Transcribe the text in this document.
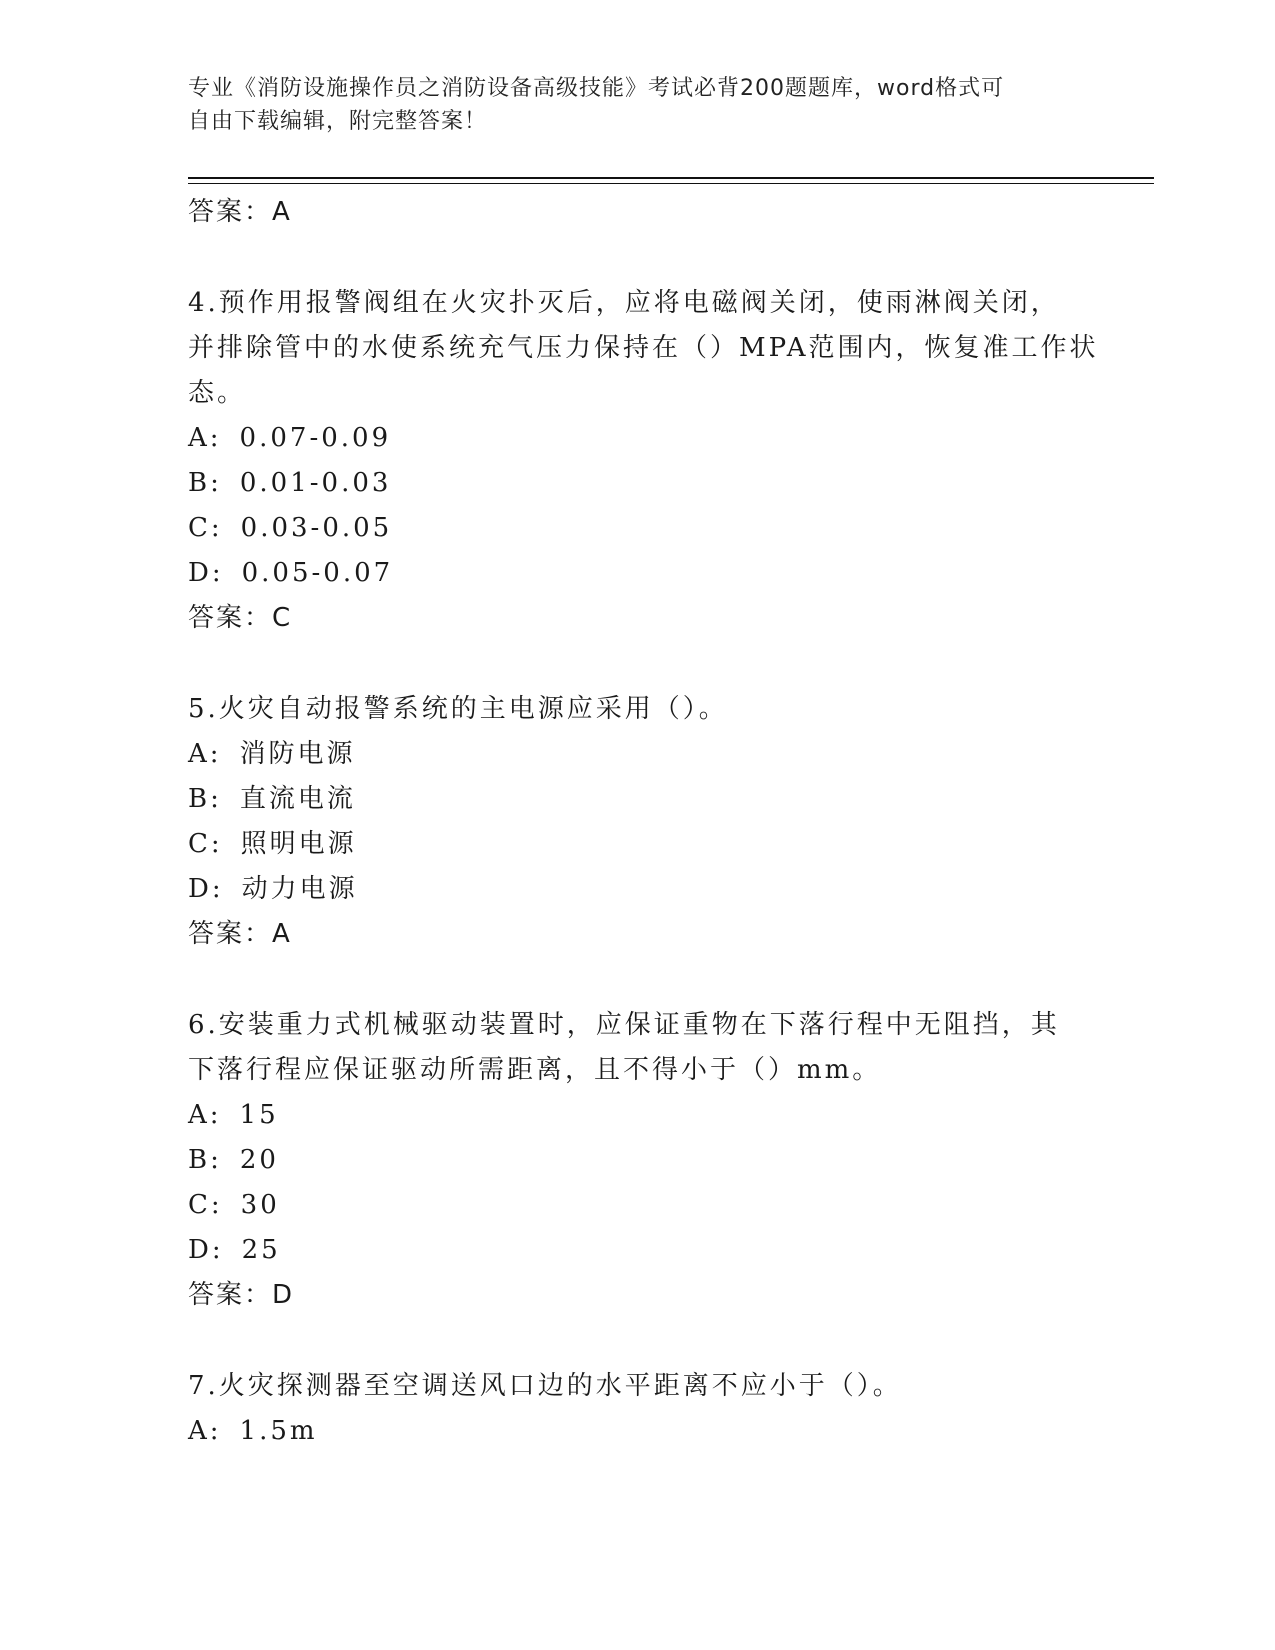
专业《消防设施操作员之消防设备高级技能》考试必背200题题库，word格式可
自由下载编辑，附完整答案！
答案：A
4.预作用报警阀组在火灾扑灭后，应将电磁阀关闭，使雨淋阀关闭，
并排除管中的水使系统充气压力保持在（）MPA范围内，恢复准工作状
态。
A: 0.07-0.09
B: 0.01-0.03
C: 0.03-0.05
D: 0.05-0.07
答案：C
5.火灾自动报警系统的主电源应采用（）。
A: 消防电源
B: 直流电流
C: 照明电源
D: 动力电源
答案：A
6.安装重力式机械驱动装置时，应保证重物在下落行程中无阻挡，其
下落行程应保证驱动所需距离，且不得小于（）mm。
A: 15
B: 20
C: 30
D: 25
答案：D
7.火灾探测器至空调送风口边的水平距离不应小于（）。
A: 1.5m
